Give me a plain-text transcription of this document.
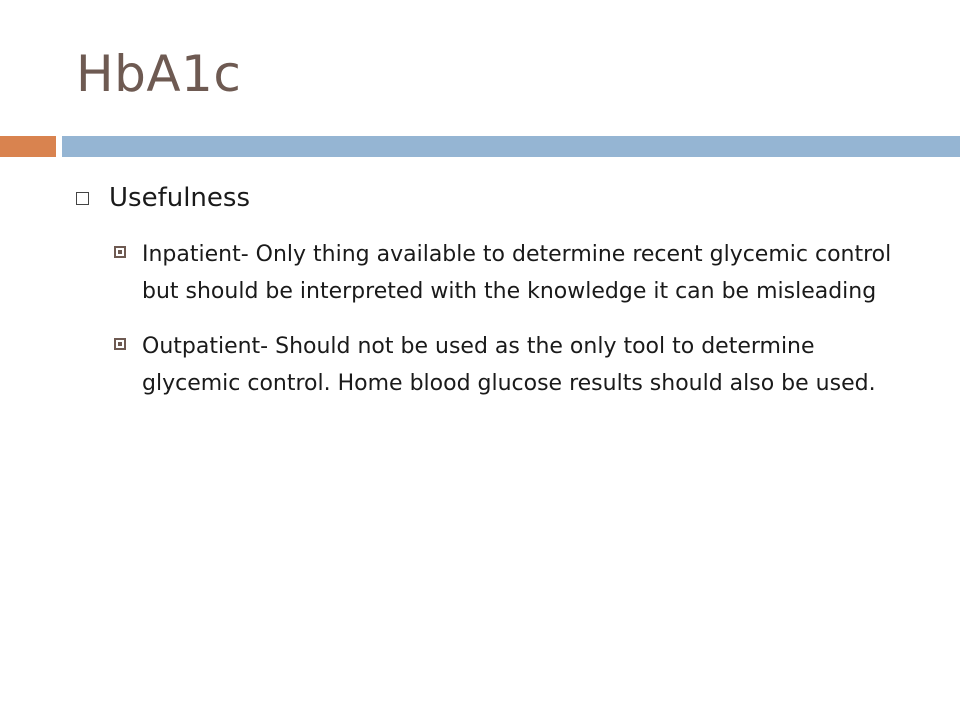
HbA1c
Usefulness
Inpatient- Only thing available to determine recent glycemic control but should be interpreted with the knowledge it can be misleading
Outpatient- Should not be used as the only tool to determine glycemic control. Home blood glucose results should also be used.
